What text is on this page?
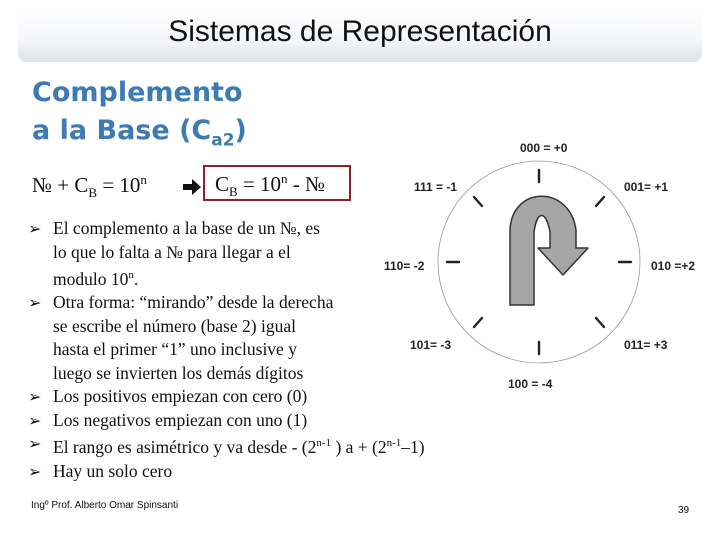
Sistemas de Representación
Complemento
a la Base $(C_{a2})$
№ + $C_B = 10^n$	$C_B = 10^n$ - №
➢ El complemento a la base de un №, es
lo que lo falta a № para llegar a el
modulo 10$^n$.
➢ Otra forma: “mirando” desde la derecha
se escribe el número (base 2) igual
hasta el primer “1” uno inclusive y
luego se invierten los demás dígitos
➢ Los positivos empiezan con cero (0)
➢ Los negativos empiezan con uno (1)
➢ El rango es asimétrico y va desde - (2$^{n-1}$ ) $a + (2^{n-1}-1)$
➢ Hay un solo cero
000 = +0
111 = -1	001= +1
110= -2	010 =+2
101= -3	011= +3
100 = -4
Ingº Prof. Alberto Omar Spinsanti	39
